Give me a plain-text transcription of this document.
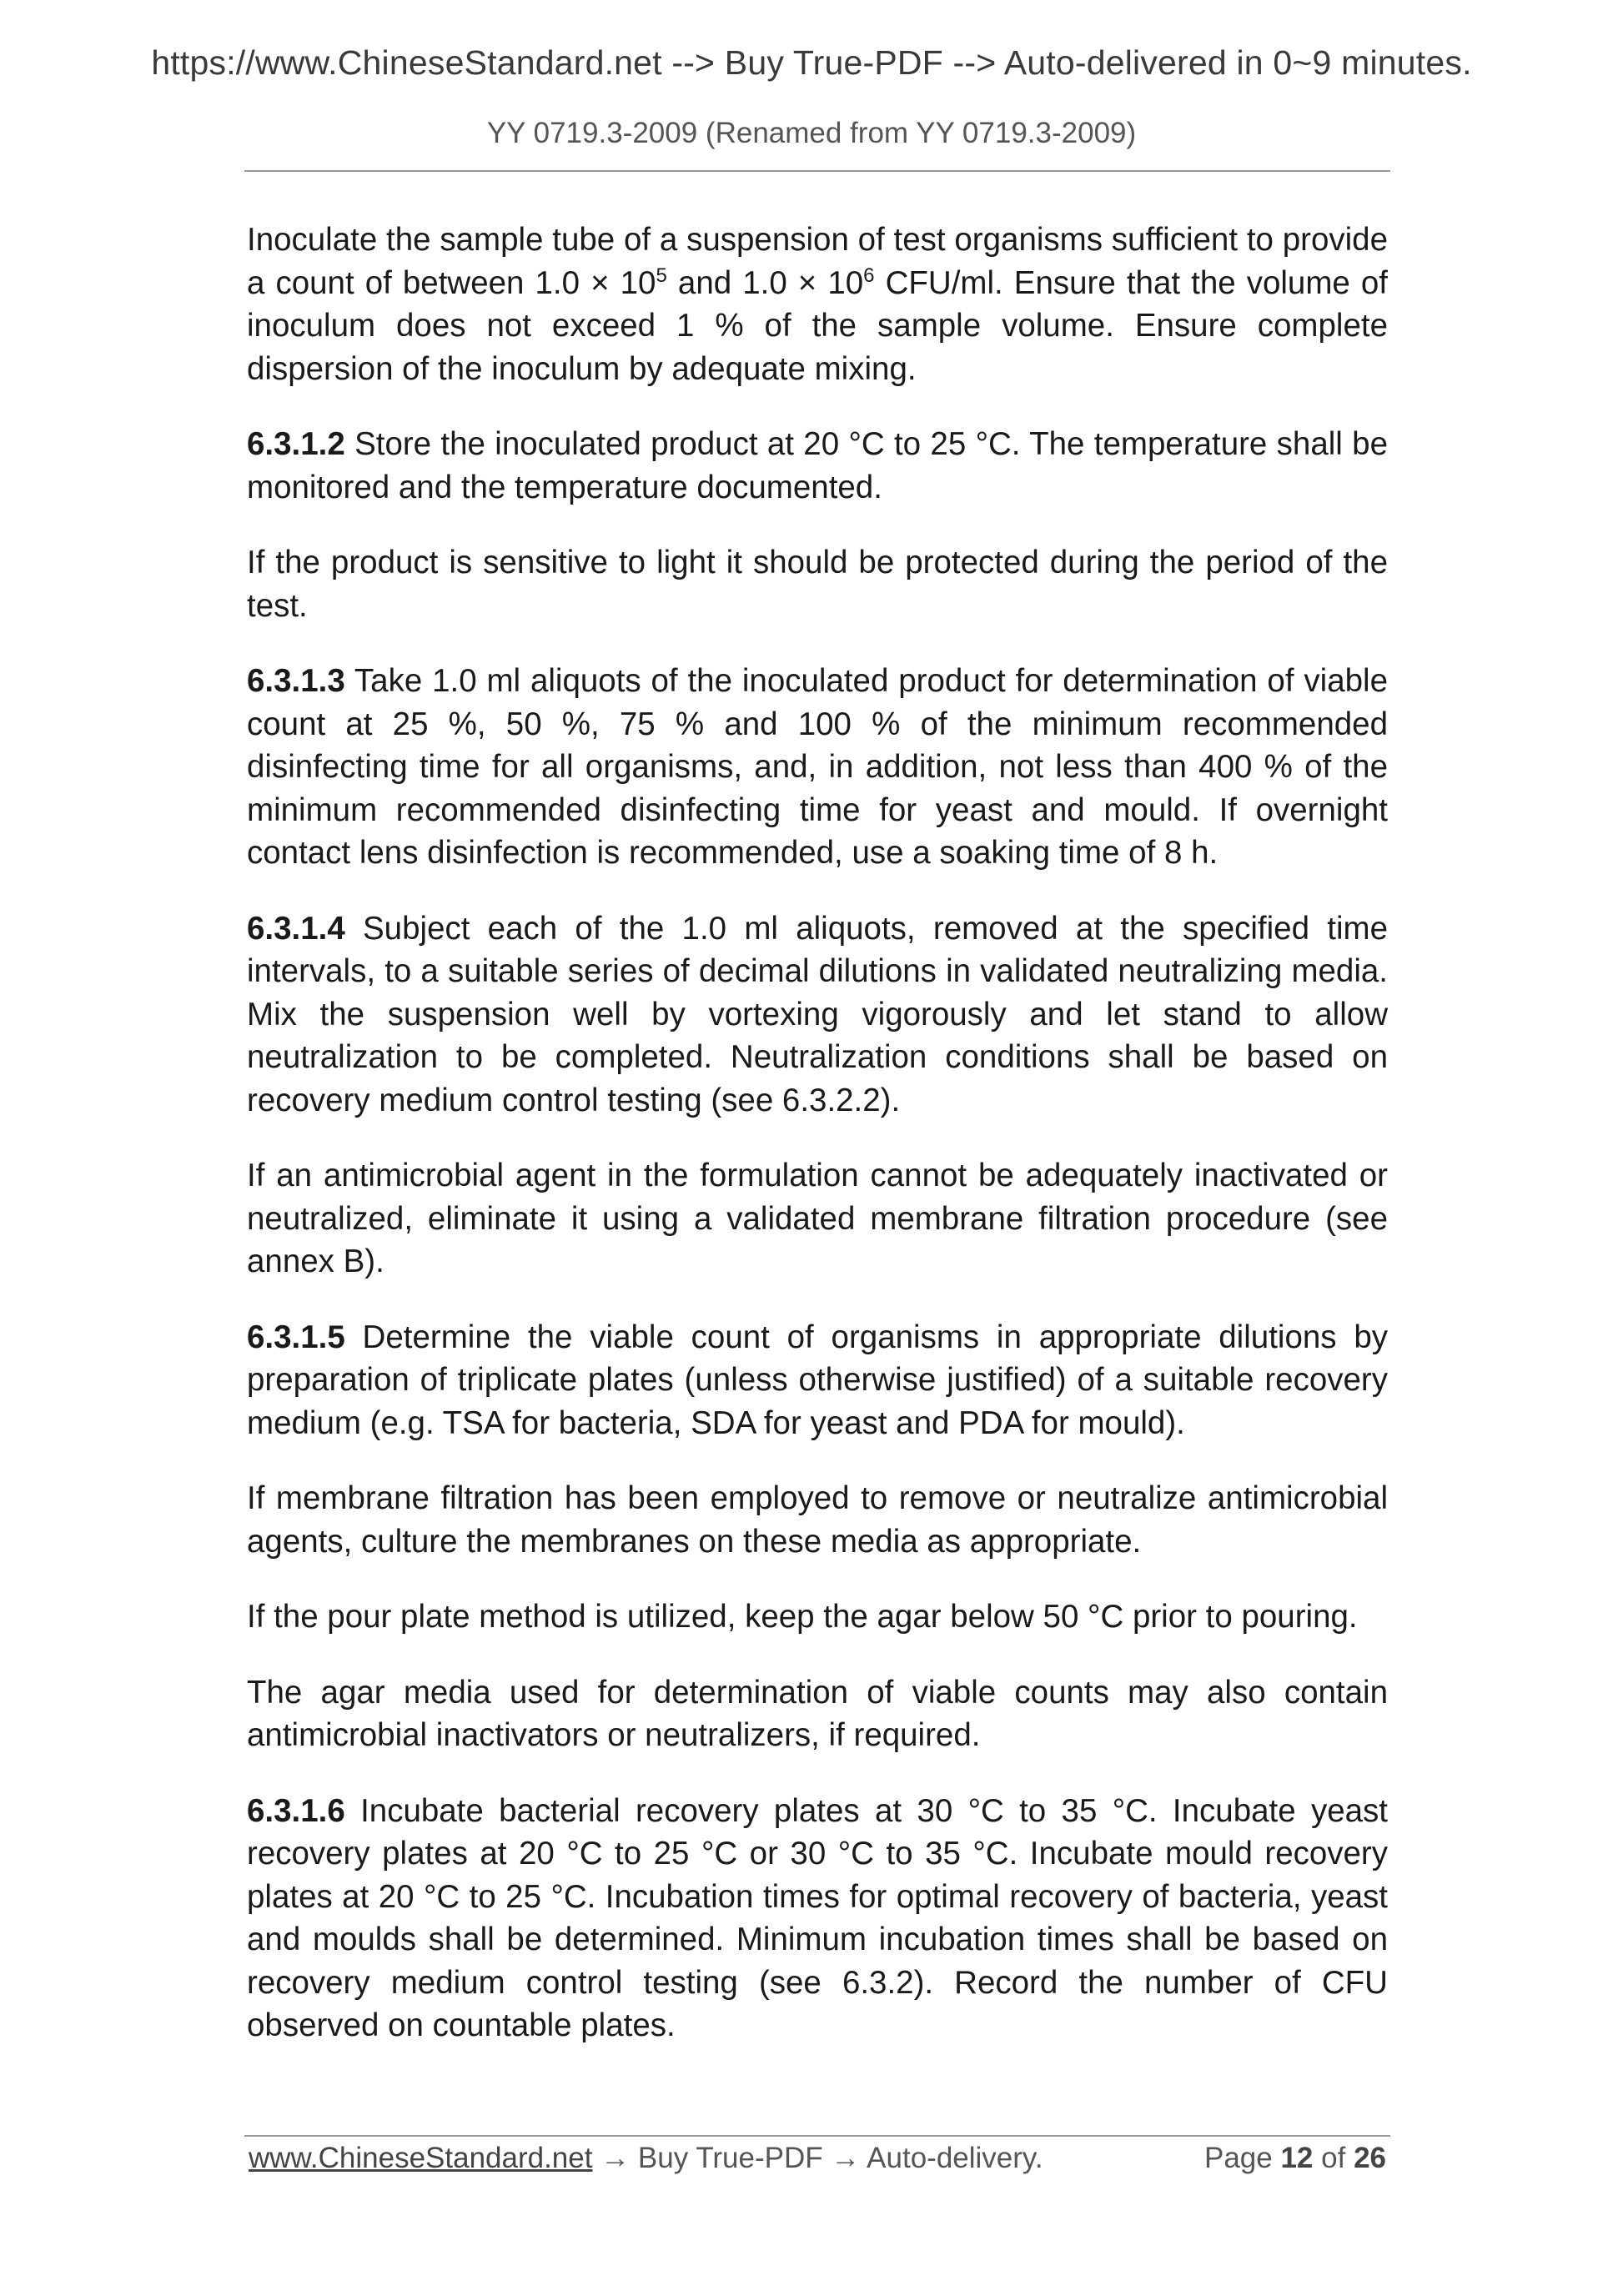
https://www.ChineseStandard.net --> Buy True-PDF --> Auto-delivered in 0~9 minutes.
YY 0719.3-2009 (Renamed from YY 0719.3-2009)

Inoculate the sample tube of a suspension of test organisms sufficient to provide a count of between $1.0 \times 10^5$ and $1.0 \times 10^6$ CFU/ml. Ensure that the volume of inoculum does not exceed 1 % of the sample volume. Ensure complete dispersion of the inoculum by adequate mixing.

6.3.1.2 Store the inoculated product at 20 °C to 25 °C. The temperature shall be monitored and the temperature documented.

If the product is sensitive to light it should be protected during the period of the test.

6.3.1.3 Take 1.0 ml aliquots of the inoculated product for determination of viable count at 25 %, 50 %, 75 % and 100 % of the minimum recommended disinfecting time for all organisms, and, in addition, not less than 400 % of the minimum recommended disinfecting time for yeast and mould. If overnight contact lens disinfection is recommended, use a soaking time of 8 h.

6.3.1.4 Subject each of the 1.0 ml aliquots, removed at the specified time intervals, to a suitable series of decimal dilutions in validated neutralizing media. Mix the suspension well by vortexing vigorously and let stand to allow neutralization to be completed. Neutralization conditions shall be based on recovery medium control testing (see 6.3.2.2).

If an antimicrobial agent in the formulation cannot be adequately inactivated or neutralized, eliminate it using a validated membrane filtration procedure (see annex B).

6.3.1.5 Determine the viable count of organisms in appropriate dilutions by preparation of triplicate plates (unless otherwise justified) of a suitable recovery medium (e.g. TSA for bacteria, SDA for yeast and PDA for mould).

If membrane filtration has been employed to remove or neutralize antimicrobial agents, culture the membranes on these media as appropriate.

If the pour plate method is utilized, keep the agar below 50 °C prior to pouring.

The agar media used for determination of viable counts may also contain antimicrobial inactivators or neutralizers, if required.

6.3.1.6 Incubate bacterial recovery plates at 30 °C to 35 °C. Incubate yeast recovery plates at 20 °C to 25 °C or 30 °C to 35 °C. Incubate mould recovery plates at 20 °C to 25 °C. Incubation times for optimal recovery of bacteria, yeast and moulds shall be determined. Minimum incubation times shall be based on recovery medium control testing (see 6.3.2). Record the number of CFU observed on countable plates.

www.ChineseStandard.net → Buy True-PDF → Auto-delivery.	Page 12 of 26
